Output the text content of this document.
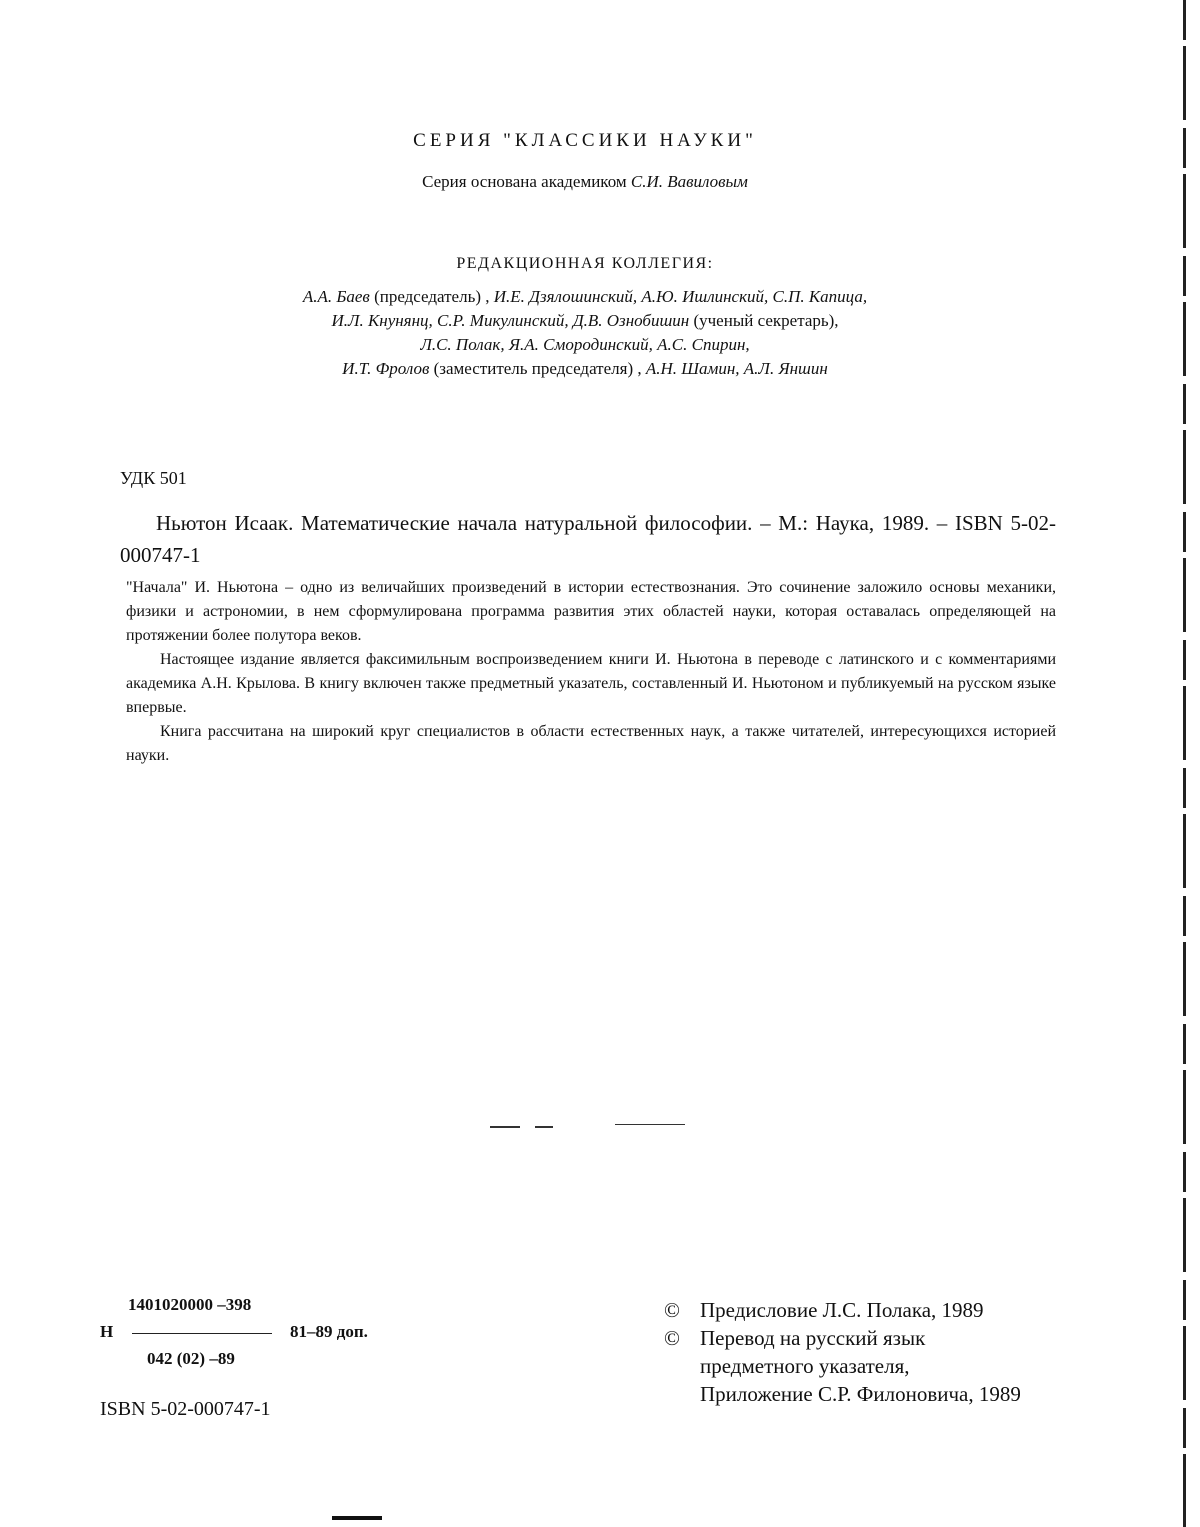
СЕРИЯ "КЛАССИКИ НАУКИ"
Серия основана академиком С.И. Вавиловым
РЕДАКЦИОННАЯ КОЛЛЕГИЯ:
А.А. Баев (председатель) , И.Е. Дзялошинский, А.Ю. Ишлинский, С.П. Капица,
И.Л. Кнунянц, С.Р. Микулинский, Д.В. Ознобишин (ученый секретарь),
Л.С. Полак, Я.А. Смородинский, А.С. Спирин,
И.Т. Фролов (заместитель председателя) , А.Н. Шамин, А.Л. Яншин
УДК 501
Ньютон Исаак. Математические начала натуральной философии. – М.: Наука, 1989. – ISBN 5-02-000747-1

"Начала" И. Ньютона – одно из величайших произведений в истории естествознания. Это сочинение заложило основы механики, физики и астрономии, в нем сформулирована программа развития этих областей науки, которая оставалась определяющей на протяжении более полутора веков.

Настоящее издание является факсимильным воспроизведением книги И. Ньютона в переводе с латинского и с комментариями академика А.Н. Крылова. В книгу включен также предметный указатель, составленный И. Ньютоном и публикуемый на русском языке впервые.

Книга рассчитана на широкий круг специалистов в области естественных наук, а также читателей, интересующихся историей науки.

1401020000 –398
Н	81–89 доп.
042 (02) –89
ISBN 5-02-000747-1
© Предисловие Л.С. Полака, 1989
© Перевод на русский язык
предметного указателя,
Приложение С.Р. Филоновича, 1989
